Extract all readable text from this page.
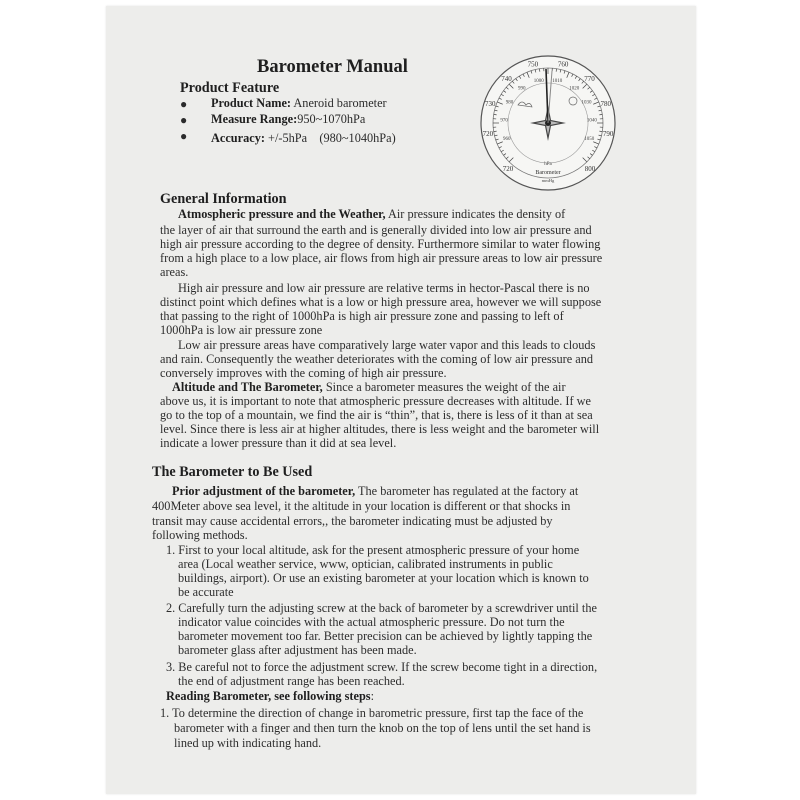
Barometer Manual
Product Feature
● Product Name: Aneroid barometer
● Measure Range:950~1070hPa
● Accuracy: +/-5hPa　(980~1040hPa)	720
730
740
750	760
770
780
790
960
970
980
990
1000 1010
1020
1030
1040
1050
hPa
Barometer
mmHg
720	800
General Information
Atmospheric pressure and the Weather, Air pressure indicates the density of
the layer of air that surround the earth and is generally divided into low air pressure and
high air pressure according to the degree of density. Furthermore similar to water flowing
from a high place to a low place, air flows from high air pressure areas to low air pressure
areas.
High air pressure and low air pressure are relative terms in hector-Pascal there is no
distinct point which defines what is a low or high pressure area, however we will suppose
that passing to the right of 1000hPa is high air pressure zone and passing to left of
1000hPa is low air pressure zone
Low air pressure areas have comparatively large water vapor and this leads to clouds
and rain. Consequently the weather deteriorates with the coming of low air pressure and
conversely improves with the coming of high air pressure.
Altitude and The Barometer, Since a barometer measures the weight of the air
above us, it is important to note that atmospheric pressure decreases with altitude. If we
go to the top of a mountain, we find the air is “thin”, that is, there is less of it than at sea
level. Since there is less air at higher altitudes, there is less weight and the barometer will
indicate a lower pressure than it did at sea level.
The Barometer to Be Used
Prior adjustment of the barometer, The barometer has regulated at the factory at
400Meter above sea level, it the altitude in your location is different or that shocks in
transit may cause accidental errors,, the barometer indicating must be adjusted by
following methods.
1. First to your local altitude, ask for the present atmospheric pressure of your home
area (Local weather service, www, optician, calibrated instruments in public
buildings, airport). Or use an existing barometer at your location which is known to
be accurate
2. Carefully turn the adjusting screw at the back of barometer by a screwdriver until the
indicator value coincides with the actual atmospheric pressure. Do not turn the
barometer movement too far. Better precision can be achieved by lightly tapping the
barometer glass after adjustment has been made.
3. Be careful not to force the adjustment screw. If the screw become tight in a direction,
the end of adjustment range has been reached.
Reading Barometer, see following steps:
1. To determine the direction of change in barometric pressure, first tap the face of the
barometer with a finger and then turn the knob on the top of lens until the set hand is
lined up with indicating hand.
